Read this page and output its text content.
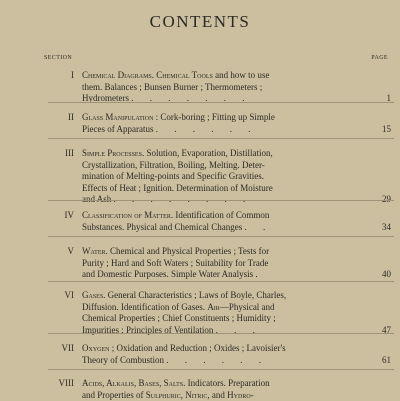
CONTENTS
SECTION	PAGE
I Chemical Diagrams. Chemical Tools and how to use
them. Balances ; Bunsen Burner ; Thermometers ;
Hydrometers . . . . . . .	1
II Glass Manipulation : Cork-boring ; Fitting up Simple
Pieces of Apparatus . . . . . .	15
III Simple Processes. Solution, Evaporation, Distillation,
Crystallization, Filtration, Boiling, Melting. Deter-
mination of Melting-points and Specific Gravities.
Effects of Heat ; Ignition. Determination of Moisture
and Ash . . . . . . . .	29
IV Classification of Matter. Identification of Common
Substances. Physical and Chemical Changes . .	34
V Water. Chemical and Physical Properties ; Tests for
Purity ; Hard and Soft Waters ; Suitability for Trade
and Domestic Purposes. Simple Water Analysis .	40
VI Gases. General Characteristics ; Laws of Boyle, Charles,
Diffusion. Identification of Gases. Air—Physical and
Chemical Properties ; Chief Constituents ; Humidity ;
Impurities ; Principles of Ventilation . . .	47
VII Oxygen ; Oxidation and Reduction ; Oxides ; Lavoisier's
Theory of Combustion . . . . . .	61
VIII Acids, Alkalis, Bases, Salts. Indicators. Preparation
and Properties of Sulphuric, Nitric, and Hydro-
